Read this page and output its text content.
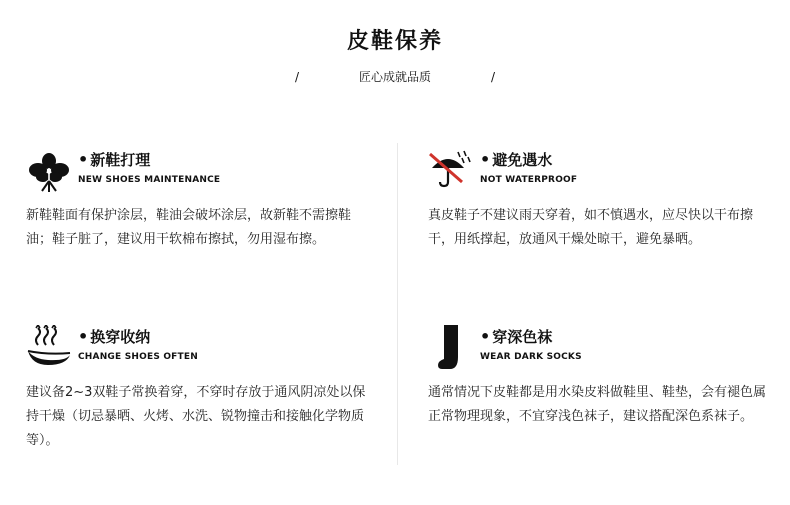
皮鞋保养
/	匠心成就品质	/
• 新鞋打理
NEW SHOES MAINTENANCE
新鞋鞋面有保护涂层，鞋油会破坏涂层，故新鞋不需擦鞋油；鞋子脏了，建议用干软棉布擦拭，勿用湿布擦。
• 避免遇水
NOT WATERPROOF
真皮鞋子不建议雨天穿着，如不慎遇水，应尽快以干布擦干，用纸撑起，放通风干燥处晾干，避免暴晒。
• 换穿收纳
CHANGE SHOES OFTEN
建议备2~3双鞋子常换着穿，不穿时存放于通风阴凉处以保持干燥（切忌暴晒、火烤、水洗、锐物撞击和接触化学物质等）。
• 穿深色袜
WEAR DARK SOCKS
通常情况下皮鞋都是用水染皮料做鞋里、鞋垫，会有褪色属正常物理现象，不宜穿浅色袜子，建议搭配深色系袜子。
